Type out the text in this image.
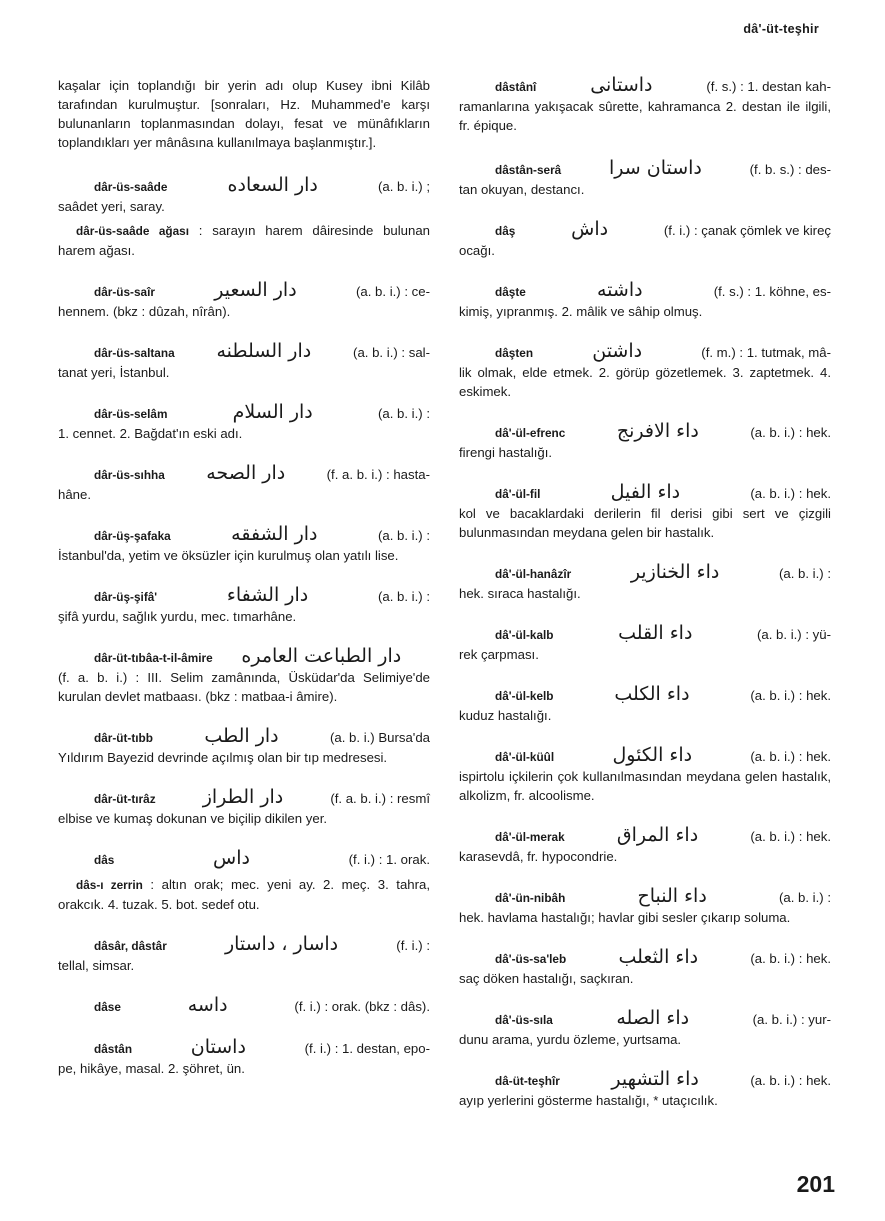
dâ'-üt-teşhir
kaşalar için toplandığı bir yerin adı olup Kusey ibni Kilâb tarafından kurulmuştur. [sonraları, Hz. Muhammed'e karşı bulunanların toplanmasından dolayı, fesat ve münâfıkların toplandıkları yer mânâsına kullanılmaya başlanmıştır.].
dâr-üs-saâde	دار السعاده	(a. b. i.) ;
saâdet yeri, saray.
dâr-üs-saâde ağası : sarayın harem dâiresinde bulunan harem ağası.
dâr-üs-saîr	دار السعير	(a. b. i.) : ce-
hennem. (bkz : dûzah, nîrân).
dâr-üs-saltana	دار السلطنه	(a. b. i.) : sal-
tanat yeri, İstanbul.
dâr-üs-selâm	دار السلام	(a. b. i.) :
1. cennet. 2. Bağdat'ın eski adı.
dâr-üs-sıhha	دار الصحه	(f. a. b. i.) : hasta-
hâne.
dâr-üş-şafaka	دار الشفقه	(a. b. i.) :
İstanbul'da, yetim ve öksüzler için kurulmuş olan yatılı lise.
dâr-üş-şifâ'	دار الشفاء	(a. b. i.) :
şifâ yurdu, sağlık yurdu, mec. tımarhâne.
dâr-üt-tıbâa-t-il-âmire	دار الطباعت العامره
(f. a. b. i.) : III. Selim zamânında, Üsküdar'da Selimiye'de kurulan devlet matbaası. (bkz : matbaa-i âmire).
dâr-üt-tıbb	دار الطب	(a. b. i.) Bursa'da
Yıldırım Bayezid devrinde açılmış olan bir tıp medresesi.
dâr-üt-tırâz	دار الطراز	(f. a. b. i.) : resmî
elbise ve kumaş dokunan ve biçilip dikilen yer.
dâs	داس	(f. i.) : 1. orak.
dâs-ı zerrin : altın orak; mec. yeni ay. 2. meç. 3. tahra, orakcık. 4. tuzak. 5. bot. sedef otu.
dâsâr, dâstâr	داسار ، داستار	(f. i.) :
tellal, simsar.
dâse	داسه	(f. i.) : orak. (bkz : dâs).
dâstân	داستان	(f. i.) : 1. destan, epo-
pe, hikâye, masal. 2. şöhret, ün.
dâstânî	داستانى	(f. s.) : 1. destan kah-
ramanlarına yakışacak sûrette, kahramanca 2. destan ile ilgili, fr. épique.
dâstân-serâ	داستان سرا	(f. b. s.) : des-
tan okuyan, destancı.
dâş	داش	(f. i.) : çanak çömlek ve kireç
ocağı.
dâşte	داشته	(f. s.) : 1. köhne, es-
kimiş, yıpranmış. 2. mâlik ve sâhip olmuş.
dâşten	داشتن	(f. m.) : 1. tutmak, mâ-
lik olmak, elde etmek. 2. görüp gözetlemek. 3. zaptetmek. 4. eskimek.
dâ'-ül-efrenc	داء الافرنج	(a. b. i.) : hek.
firengi hastalığı.
dâ'-ül-fil	داء الفيل	(a. b. i.) : hek.
kol ve bacaklardaki derilerin fil derisi gibi sert ve çizgili bulunmasından meydana gelen bir hastalık.
dâ'-ül-hanâzîr	داء الخنازير	(a. b. i.) :
hek. sıraca hastalığı.
dâ'-ül-kalb	داء القلب	(a. b. i.) : yü-
rek çarpması.
dâ'-ül-kelb	داء الكلب	(a. b. i.) : hek.
kuduz hastalığı.
dâ'-ül-küûl	داء الكئول	(a. b. i.) : hek.
ispirtolu içkilerin çok kullanılmasından meydana gelen hastalık, alkolizm, fr. alcoolisme.
dâ'-ül-merak	داء المراق	(a. b. i.) : hek.
karasevdâ, fr. hypocondrie.
dâ'-ün-nibâh	داء النباح	(a. b. i.) :
hek. havlama hastalığı; havlar gibi sesler çıkarıp soluma.
dâ'-üs-sa'leb	داء الثعلب	(a. b. i.) : hek.
saç döken hastalığı, saçkıran.
dâ'-üs-sıla	داء الصله	(a. b. i.) : yur-
dunu arama, yurdu özleme, yurtsama.
dâ-üt-teşhîr	داء التشهير	(a. b. i.) : hek.
ayıp yerlerini gösterme hastalığı, * utaçıcılık.
201
